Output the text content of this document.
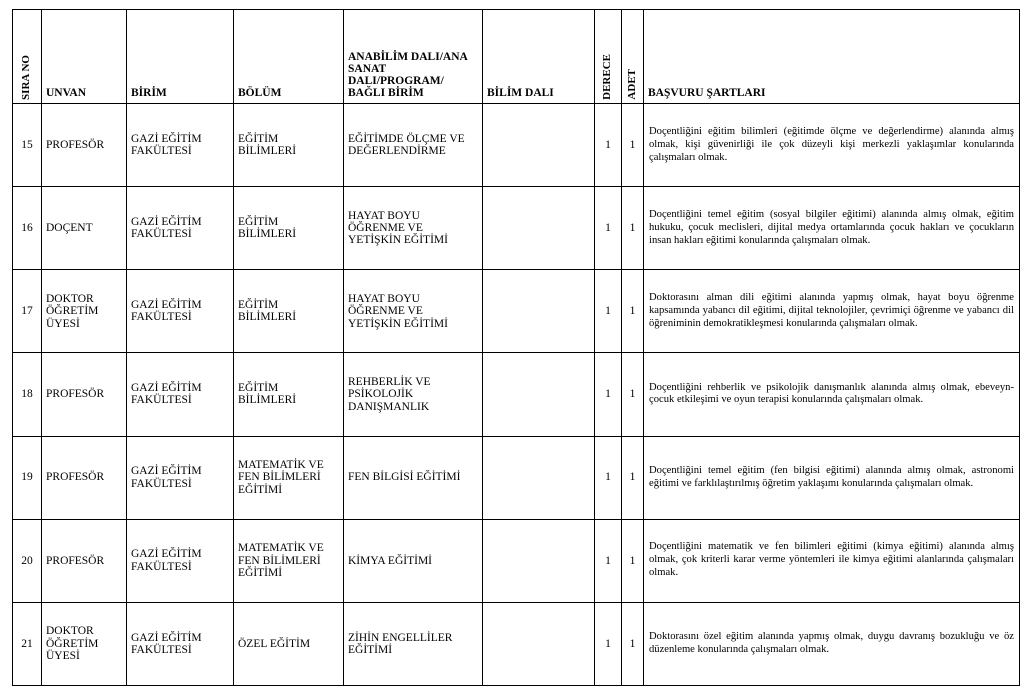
SIRA NO	UNVAN	BİRİM	BÖLÜM	ANABİLİM DALI/ANA SANAT DALI/PROGRAM/ BAĞLI BİRİM	BİLİM DALI	DERECE	ADET	BAŞVURU ŞARTLARI
15	PROFESÖR	GAZİ EĞİTİM FAKÜLTESİ	EĞİTİM BİLİMLERİ	EĞİTİMDE ÖLÇME VE DEĞERLENDİRME		1	1	Doçentliğini eğitim bilimleri (eğitimde ölçme ve değerlendirme) alanında almış olmak, kişi güvenirliği ile çok düzeyli kişi merkezli yaklaşımlar konularında çalışmaları olmak.
16	DOÇENT	GAZİ EĞİTİM FAKÜLTESİ	EĞİTİM BİLİMLERİ	HAYAT BOYU ÖĞRENME VE YETİŞKİN EĞİTİMİ		1	1	Doçentliğini temel eğitim (sosyal bilgiler eğitimi) alanında almış olmak, eğitim hukuku, çocuk meclisleri, dijital medya ortamlarında çocuk hakları ve çocukların insan hakları eğitimi konularında çalışmaları olmak.
17	DOKTOR ÖĞRETİM ÜYESİ	GAZİ EĞİTİM FAKÜLTESİ	EĞİTİM BİLİMLERİ	HAYAT BOYU ÖĞRENME VE YETİŞKİN EĞİTİMİ		1	1	Doktorasını alman dili eğitimi alanında yapmış olmak, hayat boyu öğrenme kapsamında yabancı dil eğitimi, dijital teknolojiler, çevrimiçi öğrenme ve yabancı dil öğreniminin demokratikleşmesi konularında çalışmaları olmak.
18	PROFESÖR	GAZİ EĞİTİM FAKÜLTESİ	EĞİTİM BİLİMLERİ	REHBERLİK VE PSİKOLOJİK DANIŞMANLIK		1	1	Doçentliğini rehberlik ve psikolojik danışmanlık alanında almış olmak, ebeveyn-çocuk etkileşimi ve oyun terapisi konularında çalışmaları olmak.
19	PROFESÖR	GAZİ EĞİTİM FAKÜLTESİ	MATEMATİK VE FEN BİLİMLERİ EĞİTİMİ	FEN BİLGİSİ EĞİTİMİ		1	1	Doçentliğini temel eğitim (fen bilgisi eğitimi) alanında almış olmak, astronomi eğitimi ve farklılaştırılmış öğretim yaklaşımı konularında çalışmaları olmak.
20	PROFESÖR	GAZİ EĞİTİM FAKÜLTESİ	MATEMATİK VE FEN BİLİMLERİ EĞİTİMİ	KİMYA EĞİTİMİ		1	1	Doçentliğini matematik ve fen bilimleri eğitimi (kimya eğitimi) alanında almış olmak, çok kriterli karar verme yöntemleri ile kimya eğitimi alanlarında çalışmaları olmak.
21	DOKTOR ÖĞRETİM ÜYESİ	GAZİ EĞİTİM FAKÜLTESİ	ÖZEL EĞİTİM	ZİHİN ENGELLİLER EĞİTİMİ		1	1	Doktorasını özel eğitim alanında yapmış olmak, duygu davranış bozukluğu ve öz düzenleme konularında çalışmaları olmak.
